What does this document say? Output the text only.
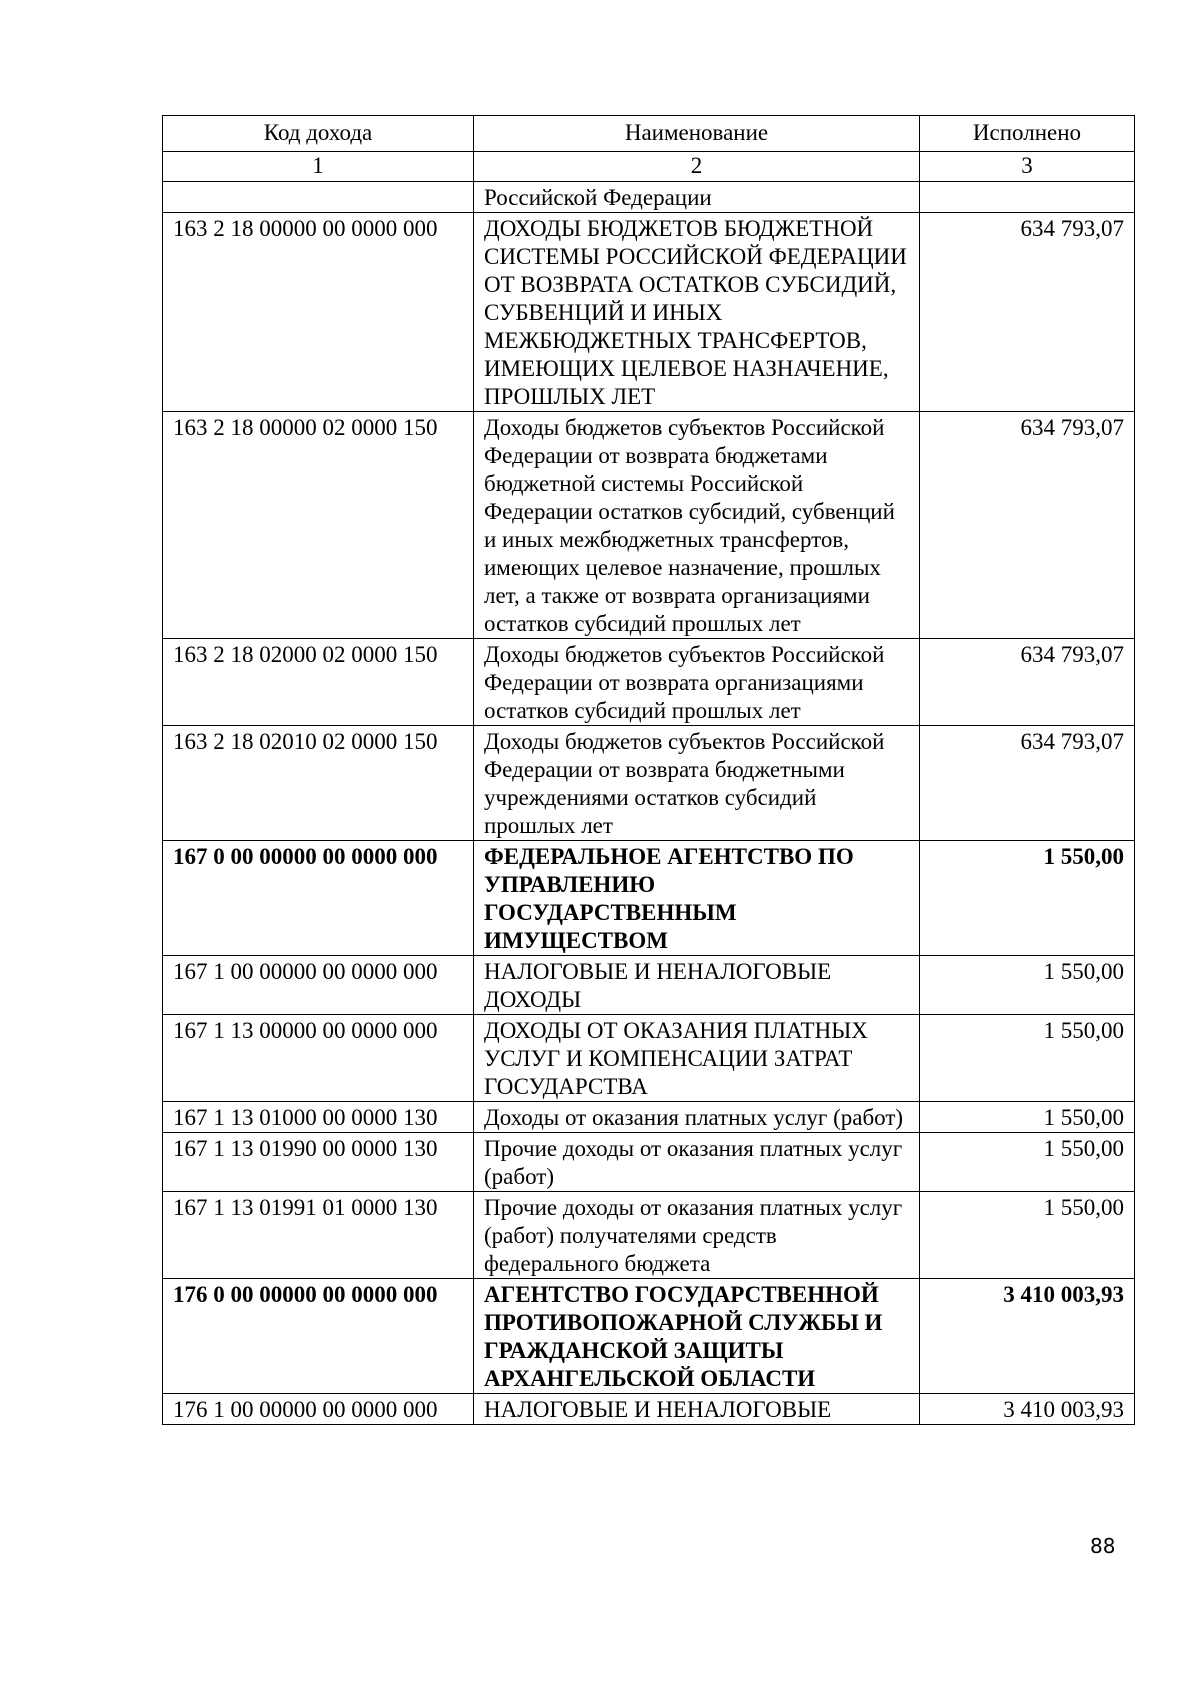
Код дохода	Наименование	Исполнено
1	2	3
	Российской Федерации	
163 2 18 00000 00 0000 000	ДОХОДЫ БЮДЖЕТОВ БЮДЖЕТНОЙ СИСТЕМЫ РОССИЙСКОЙ ФЕДЕРАЦИИ ОТ ВОЗВРАТА ОСТАТКОВ СУБСИДИЙ, СУБВЕНЦИЙ И ИНЫХ МЕЖБЮДЖЕТНЫХ ТРАНСФЕРТОВ, ИМЕЮЩИХ ЦЕЛЕВОЕ НАЗНАЧЕНИЕ, ПРОШЛЫХ ЛЕТ	634 793,07
163 2 18 00000 02 0000 150	Доходы бюджетов субъектов Российской Федерации от возврата бюджетами бюджетной системы Российской Федерации остатков субсидий, субвенций и иных межбюджетных трансфертов, имеющих целевое назначение, прошлых лет, а также от возврата организациями остатков субсидий прошлых лет	634 793,07
163 2 18 02000 02 0000 150	Доходы бюджетов субъектов Российской Федерации от возврата организациями остатков субсидий прошлых лет	634 793,07
163 2 18 02010 02 0000 150	Доходы бюджетов субъектов Российской Федерации от возврата бюджетными учреждениями остатков субсидий прошлых лет	634 793,07
167 0 00 00000 00 0000 000	ФЕДЕРАЛЬНОЕ АГЕНТСТВО ПО УПРАВЛЕНИЮ ГОСУДАРСТВЕННЫМ ИМУЩЕСТВОМ	1 550,00
167 1 00 00000 00 0000 000	НАЛОГОВЫЕ И НЕНАЛОГОВЫЕ ДОХОДЫ	1 550,00
167 1 13 00000 00 0000 000	ДОХОДЫ ОТ ОКАЗАНИЯ ПЛАТНЫХ УСЛУГ И КОМПЕНСАЦИИ ЗАТРАТ ГОСУДАРСТВА	1 550,00
167 1 13 01000 00 0000 130	Доходы от оказания платных услуг (работ)	1 550,00
167 1 13 01990 00 0000 130	Прочие доходы от оказания платных услуг (работ)	1 550,00
167 1 13 01991 01 0000 130	Прочие доходы от оказания платных услуг (работ) получателями средств федерального бюджета	1 550,00
176 0 00 00000 00 0000 000	АГЕНТСТВО ГОСУДАРСТВЕННОЙ ПРОТИВОПОЖАРНОЙ СЛУЖБЫ И ГРАЖДАНСКОЙ ЗАЩИТЫ АРХАНГЕЛЬСКОЙ ОБЛАСТИ	3 410 003,93
176 1 00 00000 00 0000 000	НАЛОГОВЫЕ И НЕНАЛОГОВЫЕ	3 410 003,93
88
